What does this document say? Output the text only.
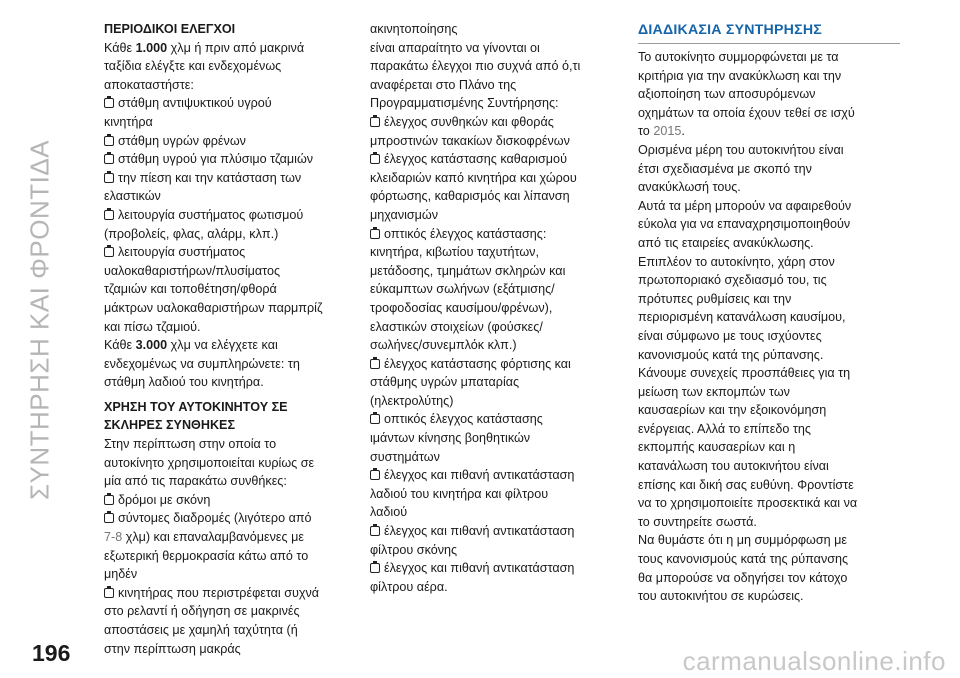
ΣΥΝΤΗΡΗΣΗ ΚΑΙ ΦΡΟΝΤΙΔΑ

ΠΕΡΙΟΔΙΚΟΙ ΕΛΕΓΧΟΙ

Κάθε 1.000 χλμ ή πριν από μακρινά

ταξίδια ελέγξτε και ενδεχομένως

αποκαταστήστε:

στάθμη αντιψυκτικού υγρού

κινητήρα

στάθμη υγρών φρένων

στάθμη υγρού για πλύσιμο τζαμιών

την πίεση και την κατάσταση των

ελαστικών

λειτουργία συστήματος φωτισμού

(προβολείς, φλας, αλάρμ, κλπ.)

λειτουργία συστήματος

υαλοκαθαριστήρων/πλυσίματος

τζαμιών και τοποθέτηση/φθορά

μάκτρων υαλοκαθαριστήρων παρμπρίζ

και πίσω τζαμιού.

Κάθε 3.000 χλμ να ελέγχετε και

ενδεχομένως να συμπληρώνετε: τη

στάθμη λαδιού του κινητήρα.

ΧΡΗΣΗ ΤΟΥ ΑΥΤΟΚΙΝΗΤΟΥ ΣΕ

ΣΚΛΗΡΕΣ ΣΥΝΘΗΚΕΣ

Στην περίπτωση στην οποία το

αυτοκίνητο χρησιμοποιείται κυρίως σε

μία από τις παρακάτω συνθήκες:

δρόμοι με σκόνη

σύντομες διαδρομές (λιγότερο από

7-8 χλμ) και επαναλαμβανόμενες με

εξωτερική θερμοκρασία κάτω από το

μηδέν

κινητήρας που περιστρέφεται συχνά

στο ρελαντί ή οδήγηση σε μακρινές

αποστάσεις με χαμηλή ταχύτητα (ή

στην περίπτωση μακράς

ακινητοποίησης

είναι απαραίτητο να γίνονται οι

παρακάτω έλεγχοι πιο συχνά από ό,τι

αναφέρεται στο Πλάνο της

Προγραμματισμένης Συντήρησης:

έλεγχος συνθηκών και φθοράς

μπροστινών τακακίων δισκοφρένων

έλεγχος κατάστασης καθαρισμού

κλειδαριών καπό κινητήρα και χώρου

φόρτωσης, καθαρισμός και λίπανση

μηχανισμών

οπτικός έλεγχος κατάστασης:

κινητήρα, κιβωτίου ταχυτήτων,

μετάδοσης, τμημάτων σκληρών και

εύκαμπτων σωλήνων (εξάτμισης/

τροφοδοσίας καυσίμου/φρένων),

ελαστικών στοιχείων (φούσκες/

σωλήνες/συνεμπλόκ κλπ.)

έλεγχος κατάστασης φόρτισης και

στάθμης υγρών μπαταρίας

(ηλεκτρολύτης)

οπτικός έλεγχος κατάστασης

ιμάντων κίνησης βοηθητικών

συστημάτων

έλεγχος και πιθανή αντικατάσταση

λαδιού του κινητήρα και φίλτρου

λαδιού

έλεγχος και πιθανή αντικατάσταση

φίλτρου σκόνης

έλεγχος και πιθανή αντικατάσταση

φίλτρου αέρα.

ΔΙΑΔΙΚΑΣΙΑ ΣΥΝΤΗΡΗΣΗΣ

Το αυτοκίνητο συμμορφώνεται με τα

κριτήρια για την ανακύκλωση και την

αξιοποίηση των αποσυρόμενων

οχημάτων τα οποία έχουν τεθεί σε ισχύ

το 2015.

Ορισμένα μέρη του αυτοκινήτου είναι

έτσι σχεδιασμένα με σκοπό την

ανακύκλωσή τους.

Αυτά τα μέρη μπορούν να αφαιρεθούν

εύκολα για να επαναχρησιμοποιηθούν

από τις εταιρείες ανακύκλωσης.

Επιπλέον το αυτοκίνητο, χάρη στον

πρωτοποριακό σχεδιασμό του, τις

πρότυπες ρυθμίσεις και την

περιορισμένη κατανάλωση καυσίμου,

είναι σύμφωνο με τους ισχύοντες

κανονισμούς κατά της ρύπανσης.

Κάνουμε συνεχείς προσπάθειες για τη

μείωση των εκπομπών των

καυσαερίων και την εξοικονόμηση

ενέργειας. Αλλά το επίπεδο της

εκπομπής καυσαερίων και η

κατανάλωση του αυτοκινήτου είναι

επίσης και δική σας ευθύνη. Φροντίστε

να το χρησιμοποιείτε προσεκτικά και να

το συντηρείτε σωστά.

Να θυμάστε ότι η μη συμμόρφωση με

τους κανονισμούς κατά της ρύπανσης

θα μπορούσε να οδηγήσει τον κάτοχο

του αυτοκινήτου σε κυρώσεις.

196	carmanualsonline.info
